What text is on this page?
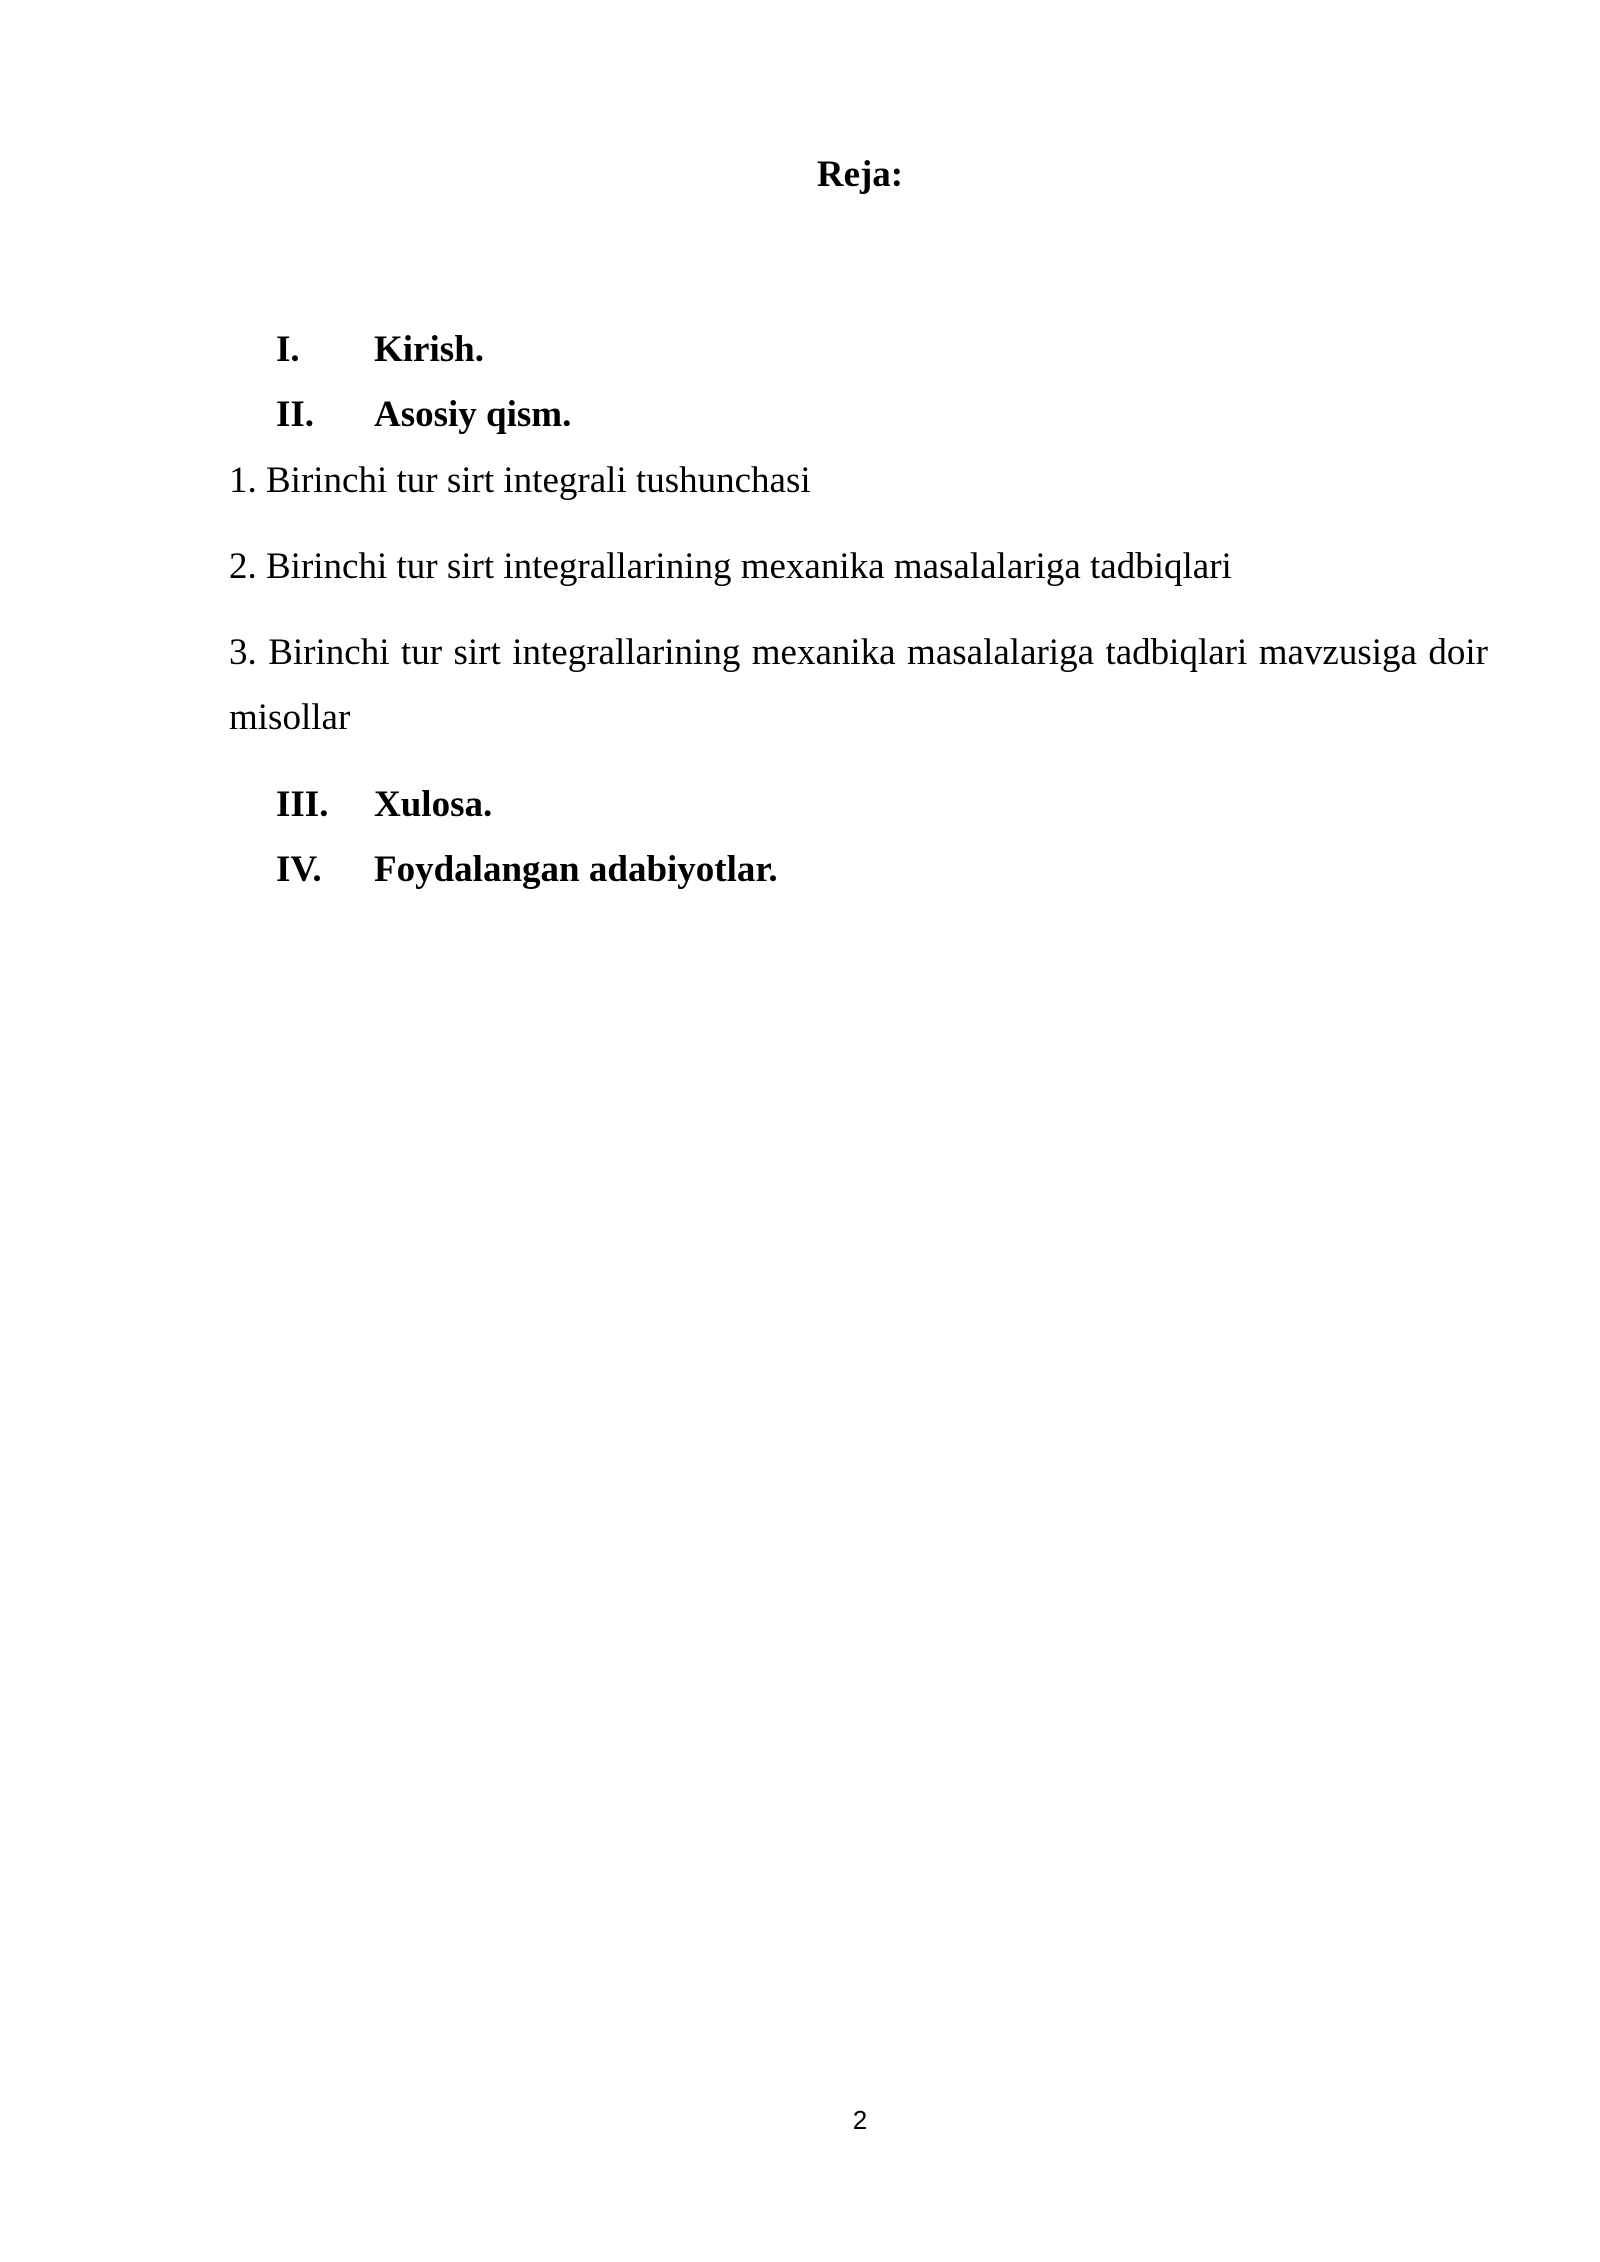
Reja:
I. Kirish.
II. Asosiy qism.
1. Birinchi tur sirt integrali tushunchasi
2. Birinchi tur sirt integrallarining mexanika masalalariga tadbiqlari
3. Birinchi tur sirt integrallarining mexanika masalalariga tadbiqlari mavzusiga doir misollar
III. Xulosa.
IV. Foydalangan adabiyotlar.
2
